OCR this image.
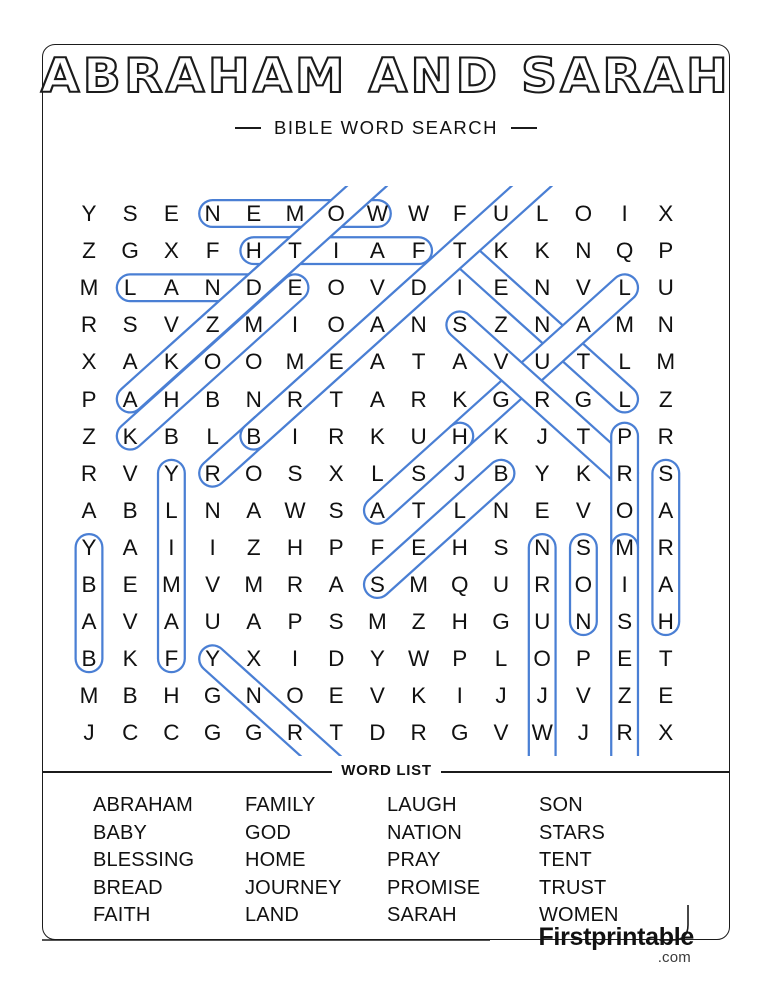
ABRAHAM AND SARAH
BIBLE WORD SEARCH
Y S E N E M O W W	F	U	L	O	I	X
Z	G X	F	H	T	I	A	F	T	K K N Q P
M	L	A N D E O V D	I	E N V	L	U
R S V	Z	M	I	O A N S	Z	N A M N
X A K O O M E A	T	A V U	T	L	M
P A H B N R	T	A R K G R G	L	Z
Z	K B	L	B	I	R K U H K	J	T	P R
R V Y R O S X	L	S	J	B Y K R S
A B	L	N A W S A	T	L	N E V O A
Y A	I	I	Z	H P	F	E H S N S M R
B E M V M R A S M Q U R O	I	A
A V A U A P S M	Z	H G U N S H
B K	F	Y X	I	D Y W P	L	O P E	T
M B H G N O E V K	I	J	J	V	Z	E
J	C C G G R	T	D R G V W	J	R X
WORD LIST
ABRAHAM	FAMILY	LAUGH	SON
BABY	GOD	NATION	STARS
BLESSING	HOME	PRAY	TENT
BREAD	JOURNEY	PROMISE	TRUST
FAITH	LAND	SARAH	WOMEN
Firstprintable
.com
